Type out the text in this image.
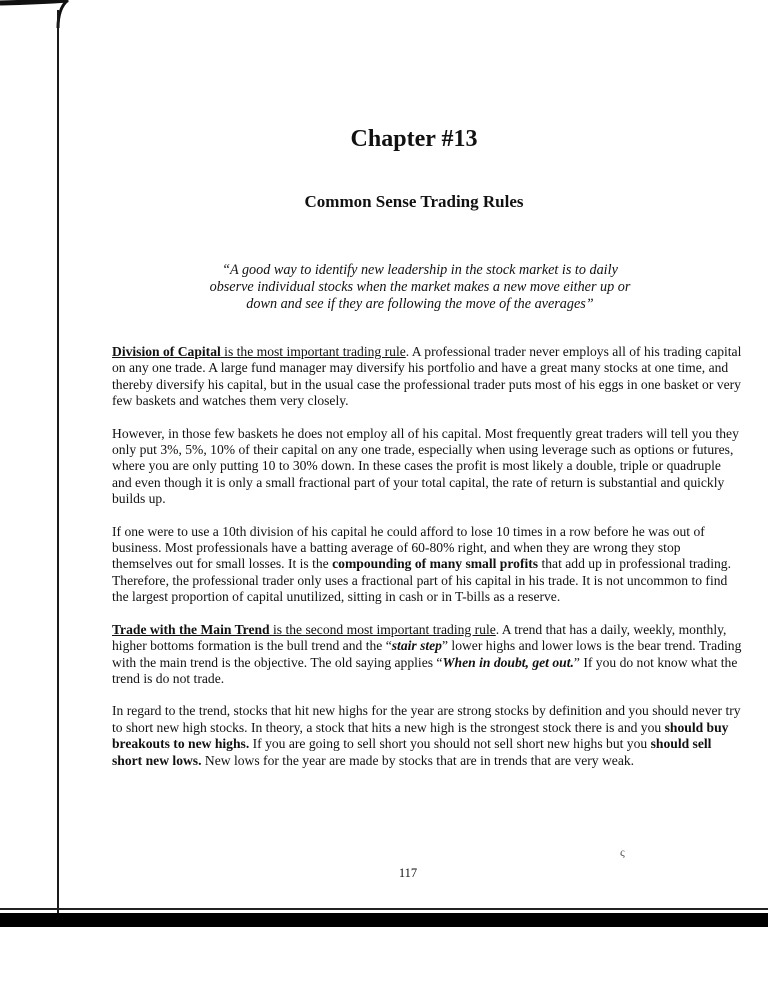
Chapter #13
Common Sense Trading Rules
“A good way to identify new leadership in the stock market is to daily observe individual stocks when the market makes a new move either up or down and see if they are following the move of the averages”

Division of Capital is the most important trading rule. A professional trader never employs all of his trading capital on any one trade. A large fund manager may diversify his portfolio and have a great many stocks at one time, and thereby diversify his capital, but in the usual case the professional trader puts most of his eggs in one basket or very few baskets and watches them very closely.

However, in those few baskets he does not employ all of his capital. Most frequently great traders will tell you they only put 3%, 5%, 10% of their capital on any one trade, especially when using leverage such as options or futures, where you are only putting 10 to 30% down. In these cases the profit is most likely a double, triple or quadruple and even though it is only a small fractional part of your total capital, the rate of return is substantial and quickly builds up.

If one were to use a 10th division of his capital he could afford to lose 10 times in a row before he was out of business. Most professionals have a batting average of 60-80% right, and when they are wrong they stop themselves out for small losses. It is the compounding of many small profits that add up in professional trading. Therefore, the professional trader only uses a fractional part of his capital in his trade. It is not uncommon to find the largest proportion of capital unutilized, sitting in cash or in T-bills as a reserve.

Trade with the Main Trend is the second most important trading rule. A trend that has a daily, weekly, monthly, higher bottoms formation is the bull trend and the “stair step” lower highs and lower lows is the bear trend. Trading with the main trend is the objective. The old saying applies “When in doubt, get out.” If you do not know what the trend is do not trade.

In regard to the trend, stocks that hit new highs for the year are strong stocks by definition and you should never try to short new high stocks. In theory, a stock that hits a new high is the strongest stock there is and you should buy breakouts to new highs. If you are going to sell short you should not sell short new highs but you should sell short new lows. New lows for the year are made by stocks that are in trends that are very weak.

ς
117
